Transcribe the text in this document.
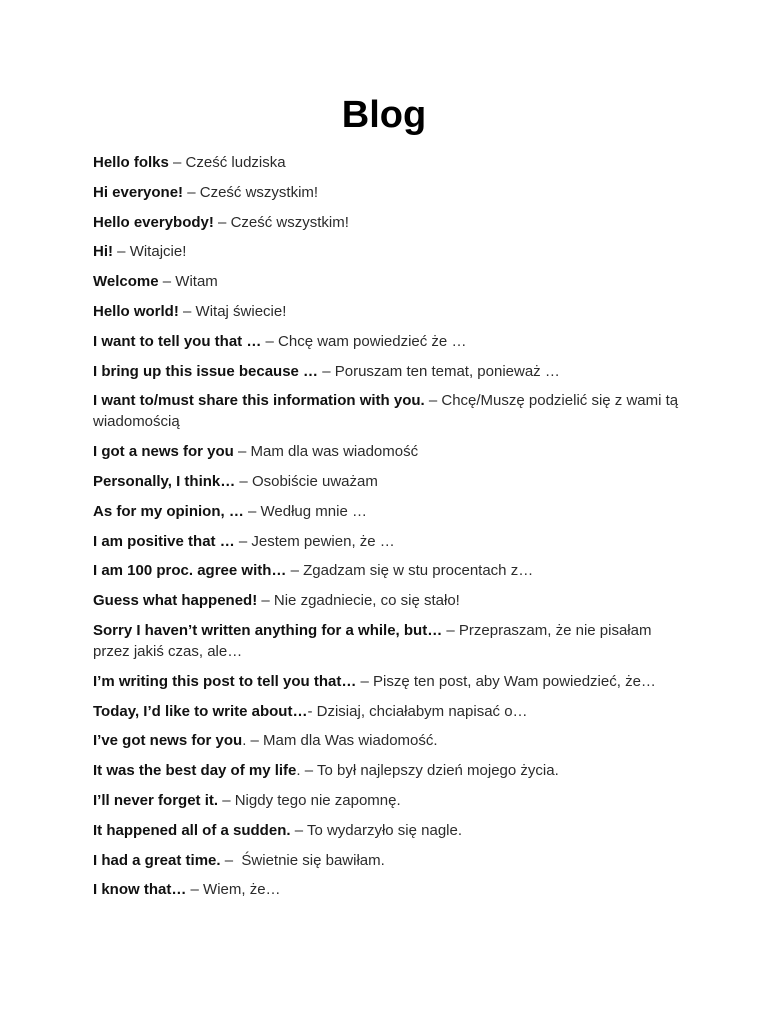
Blog
Hello folks – Cześć ludziska
Hi everyone! – Cześć wszystkim!
Hello everybody! – Cześć wszystkim!
Hi! – Witajcie!
Welcome – Witam
Hello world! – Witaj świecie!
I want to tell you that … – Chcę wam powiedzieć że …
I bring up this issue because … – Poruszam ten temat, ponieważ …
I want to/must share this information with you. – Chcę/Muszę podzielić się z wami tą wiadomością
I got a news for you – Mam dla was wiadomość
Personally, I think… – Osobiście uważam
As for my opinion, … – Według mnie …
I am positive that … – Jestem pewien, że …
I am 100 proc. agree with… – Zgadzam się w stu procentach z…
Guess what happened! – Nie zgadniecie, co się stało!
Sorry I haven’t written anything for a while, but… – Przepraszam, że nie pisałam przez jakiś czas, ale…
I’m writing this post to tell you that… – Piszę ten post, aby Wam powiedzieć, że…
Today, I’d like to write about…- Dzisiaj, chciałabym napisać o…
I’ve got news for you. – Mam dla Was wiadomość.
It was the best day of my life. – To był najlepszy dzień mojego życia.
I’ll never forget it. – Nigdy tego nie zapomnę.
It happened all of a sudden. – To wydarzyło się nagle.
I had a great time. –  Świetnie się bawiłam.
I know that… – Wiem, że…
